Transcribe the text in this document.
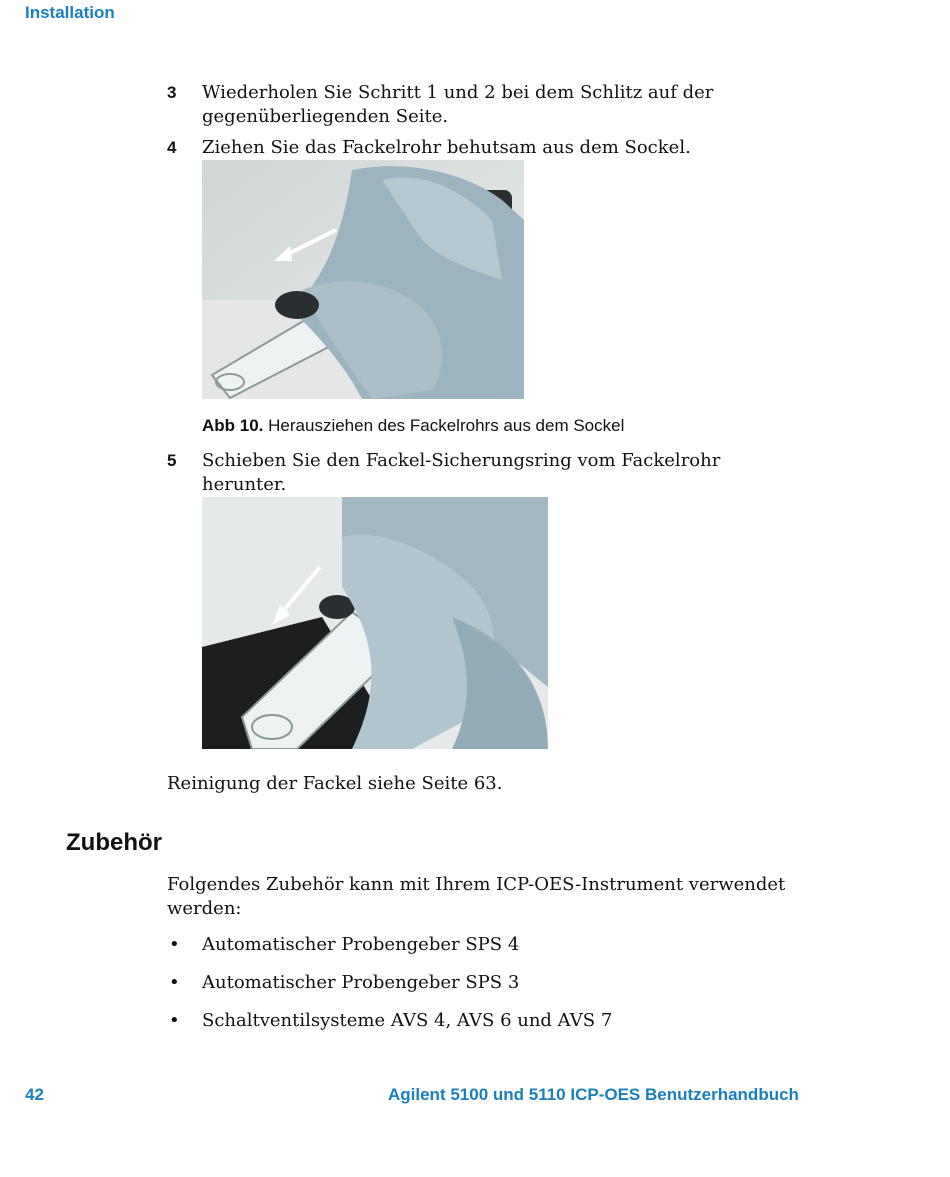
Installation
3 Wiederholen Sie Schritt 1 und 2 bei dem Schlitz auf der
gegenüberliegenden Seite.
4 Ziehen Sie das Fackelrohr behutsam aus dem Sockel.
Abb 10. Herausziehen des Fackelrohrs aus dem Sockel
5 Schieben Sie den Fackel-Sicherungsring vom Fackelrohr
herunter.
Reinigung der Fackel siehe Seite 63.
Zubehör
Folgendes Zubehör kann mit Ihrem ICP-OES-Instrument verwendet
werden:
• Automatischer Probengeber SPS 4
• Automatischer Probengeber SPS 3
• Schaltventilsysteme AVS 4, AVS 6 und AVS 7
42	Agilent 5100 und 5110 ICP-OES Benutzerhandbuch
